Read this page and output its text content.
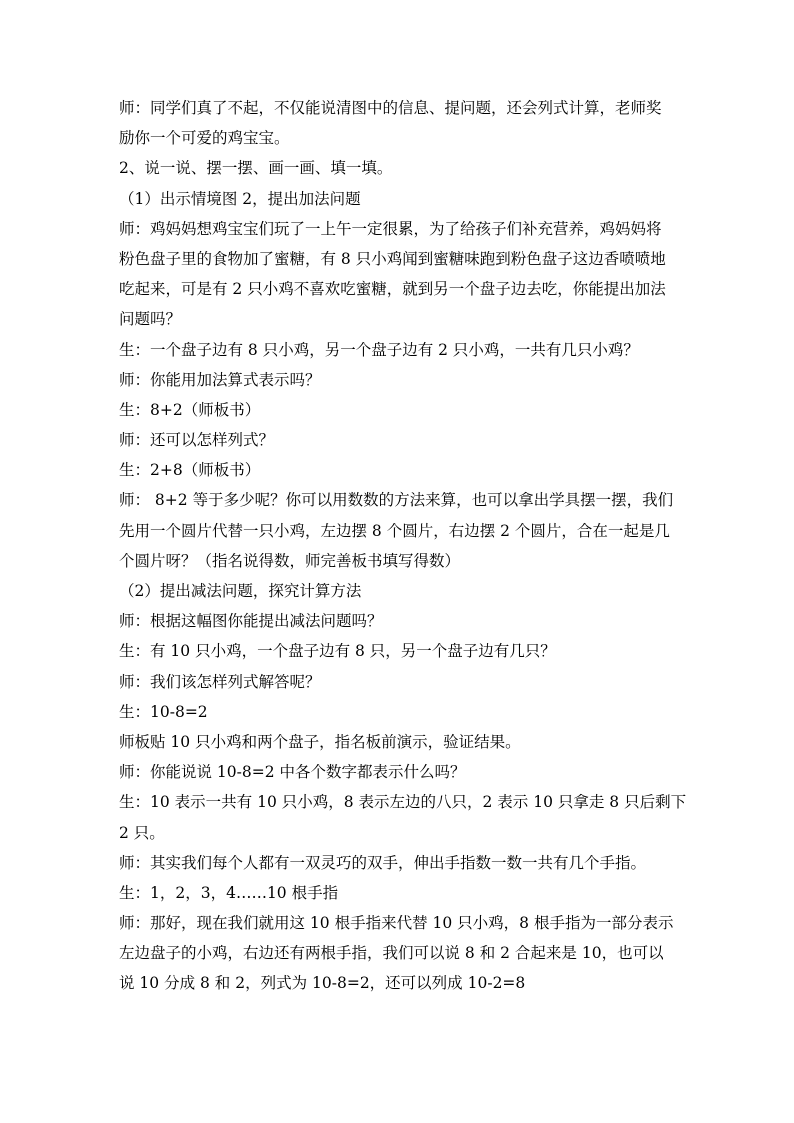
师：同学们真了不起，不仅能说清图中的信息、提问题，还会列式计算，老师奖

励你一个可爱的鸡宝宝。

2、说一说、摆一摆、画一画、填一填。

（1）出示情境图 2，提出加法问题

师：鸡妈妈想鸡宝宝们玩了一上午一定很累，为了给孩子们补充营养，鸡妈妈将

粉色盘子里的食物加了蜜糖，有 8 只小鸡闻到蜜糖味跑到粉色盘子这边香喷喷地

吃起来，可是有 2 只小鸡不喜欢吃蜜糖，就到另一个盘子边去吃，你能提出加法

问题吗？

生：一个盘子边有 8 只小鸡，另一个盘子边有 2 只小鸡，一共有几只小鸡？

师：你能用加法算式表示吗？

生：8+2（师板书）

师：还可以怎样列式？

生：2+8（师板书）

师： 8+2 等于多少呢？你可以用数数的方法来算，也可以拿出学具摆一摆，我们

先用一个圆片代替一只小鸡，左边摆 8 个圆片，右边摆 2 个圆片，合在一起是几

个圆片呀？（指名说得数，师完善板书填写得数）

（2）提出减法问题，探究计算方法

师：根据这幅图你能提出减法问题吗？

生：有 10 只小鸡，一个盘子边有 8 只，另一个盘子边有几只？

师：我们该怎样列式解答呢？

生：10-8=2

师板贴 10 只小鸡和两个盘子，指名板前演示，验证结果。

师：你能说说 10-8=2 中各个数字都表示什么吗？

生：10 表示一共有 10 只小鸡，8 表示左边的八只，2 表示 10 只拿走 8 只后剩下

2 只。

师：其实我们每个人都有一双灵巧的双手，伸出手指数一数一共有几个手指。

生：1，2，3，4……10 根手指

师：那好，现在我们就用这 10 根手指来代替 10 只小鸡，8 根手指为一部分表示

左边盘子的小鸡，右边还有两根手指，我们可以说 8 和 2 合起来是 10，也可以

说 10 分成 8 和 2，列式为 10-8=2，还可以列成 10-2=8
